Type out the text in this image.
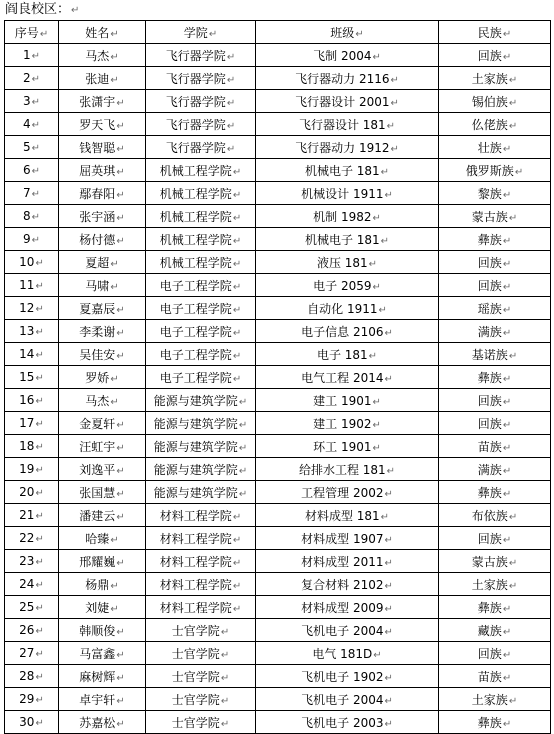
阎良校区：↵
序号↵	姓名↵	学院↵	班级↵	民族↵
1↵	马杰↵	飞行器学院↵	飞制 2004↵	回族↵
2↵	张迪↵	飞行器学院↵	飞行器动力 2116↵	土家族↵
3↵	张潇宇↵	飞行器学院↵	飞行器设计 2001↵	锡伯族↵
4↵	罗天飞↵	飞行器学院↵	飞行器设计 181↵	仫佬族↵
5↵	钱智聪↵	飞行器学院↵	飞行器动力 1912↵	壮族↵
6↵	屈英琪↵	机械工程学院↵	机械电子 181↵	俄罗斯族↵
7↵	鄢春阳↵	机械工程学院↵	机械设计 1911↵	黎族↵
8↵	张宇涵↵	机械工程学院↵	机制 1982↵	蒙古族↵
9↵	杨付德↵	机械工程学院↵	机械电子 181↵	彝族↵
10↵	夏超↵	机械工程学院↵	液压 181↵	回族↵
11↵	马啸↵	电子工程学院↵	电子 2059↵	回族↵
12↵	夏嘉辰↵	电子工程学院↵	自动化 1911↵	瑶族↵
13↵	李柔谢↵	电子工程学院↵	电子信息 2106↵	满族↵
14↵	吴佳安↵	电子工程学院↵	电子 181↵	基诺族↵
15↵	罗娇↵	电子工程学院↵	电气工程 2014↵	彝族↵
16↵	马杰↵	能源与建筑学院↵	建工 1901↵	回族↵
17↵	金夏轩↵	能源与建筑学院↵	建工 1902↵	回族↵
18↵	汪虹宇↵	能源与建筑学院↵	环工 1901↵	苗族↵
19↵	刘逸平↵	能源与建筑学院↵	给排水工程 181↵	满族↵
20↵	张国慧↵	能源与建筑学院↵	工程管理 2002↵	彝族↵
21↵	潘建云↵	材料工程学院↵	材料成型 181↵	布依族↵
22↵	哈臻↵	材料工程学院↵	材料成型 1907↵	回族↵
23↵	邢耀巍↵	材料工程学院↵	材料成型 2011↵	蒙古族↵
24↵	杨鼎↵	材料工程学院↵	复合材料 2102↵	土家族↵
25↵	刘婕↵	材料工程学院↵	材料成型 2009↵	彝族↵
26↵	韩顺俊↵	士官学院↵	飞机电子 2004↵	藏族↵
27↵	马富鑫↵	士官学院↵	电气 181D↵	回族↵
28↵	麻树辉↵	士官学院↵	飞机电子 1902↵	苗族↵
29↵	卓宇轩↵	士官学院↵	飞机电子 2004↵	土家族↵
30↵	苏嘉松↵	士官学院↵	飞机电子 2003↵	彝族↵
